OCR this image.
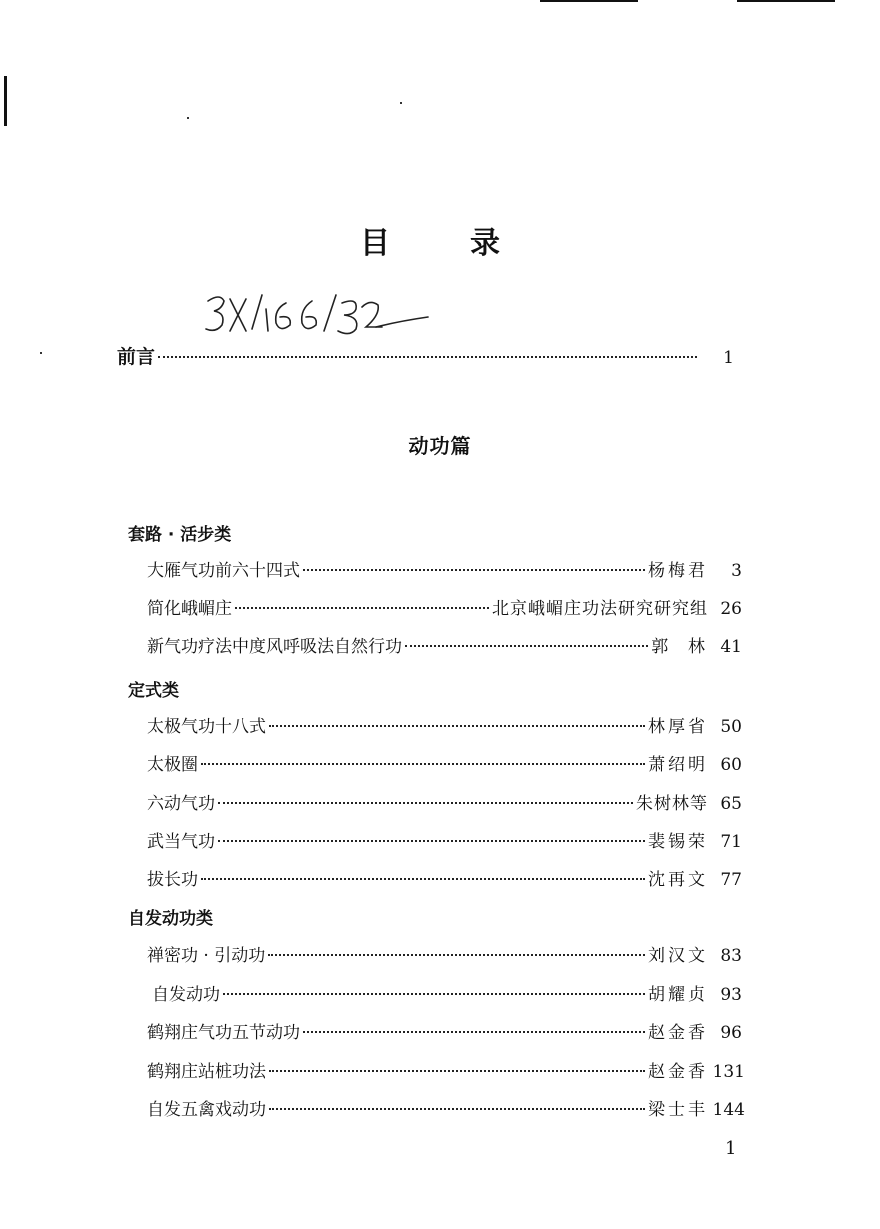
目	录
前言	1
动功篇
套路 · 活步类
大雁气功前六十四式	杨梅君	3
简化峨嵋庄	北京峨嵋庄功法研究研究组 26
新气功疗法中度风呼吸法自然行功	郭  林 41
定式类
太极气功十八式	林厚省 50
太极圈	萧绍明 60
六动气功	朱树林等 65
武当气功	裴锡荣 71
拔长功	沈再文 77
自发动功类
禅密功 · 引动功	刘汉文 83
自发动功	胡耀贞 93
鹤翔庄气功五节动功	赵金香 96
鹤翔庄站桩功法	赵金香 131
自发五禽戏动功	梁士丰 144
1
